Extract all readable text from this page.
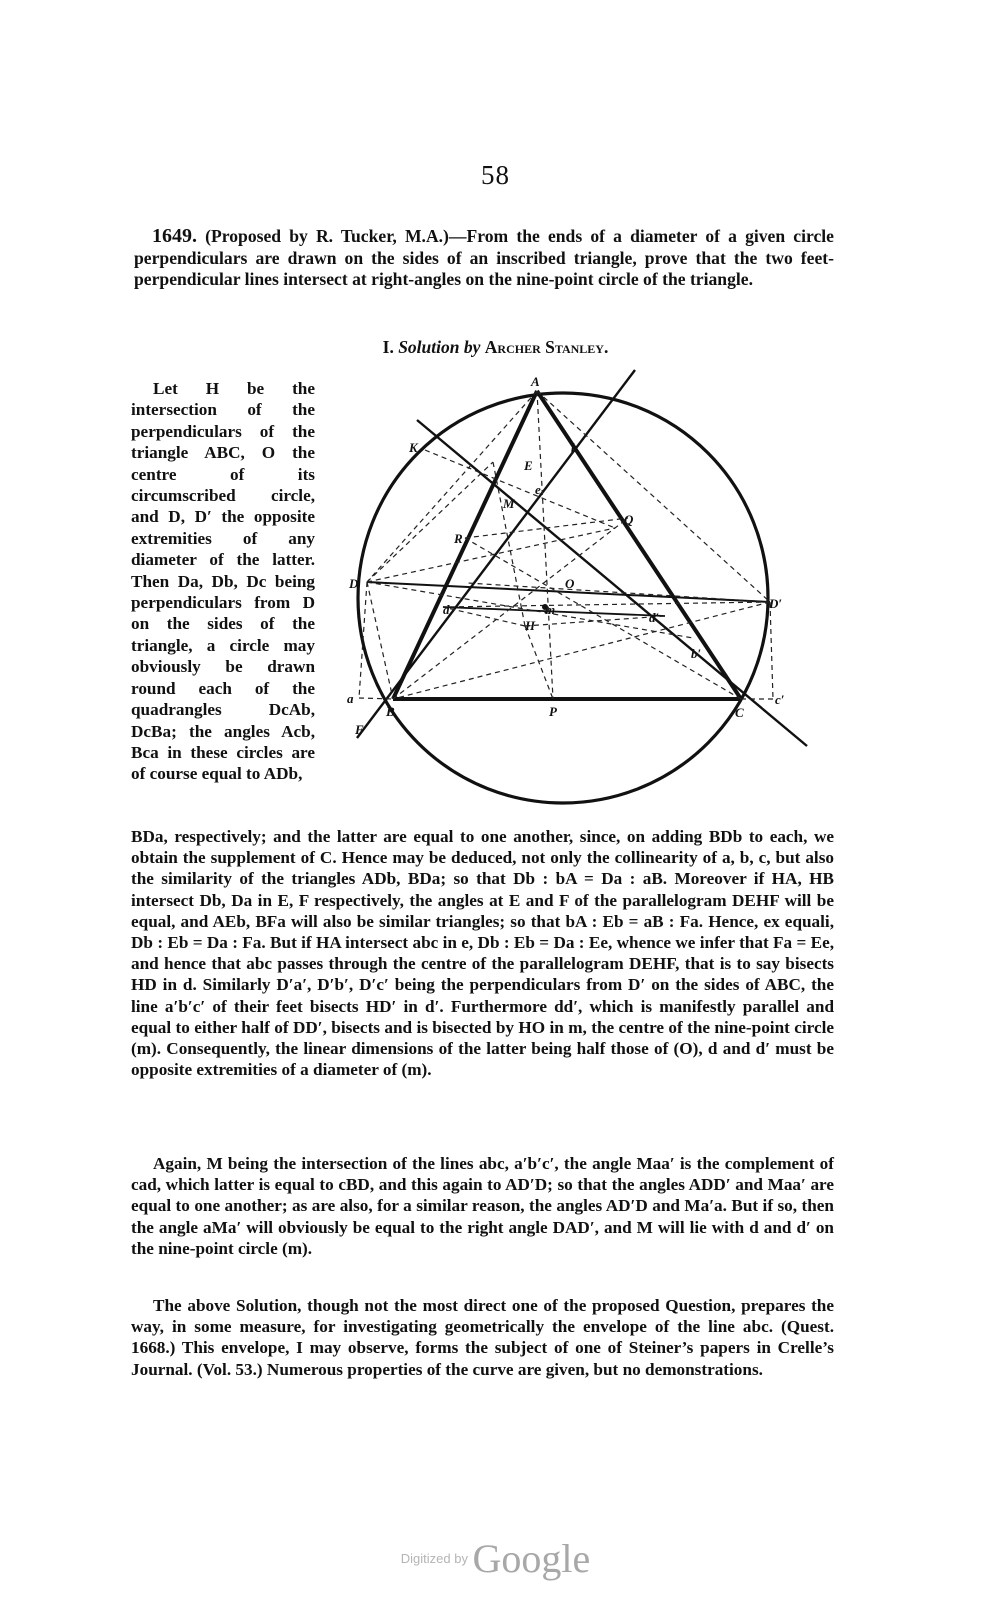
58
1649. (Proposed by R. Tucker, M.A.)—From the ends of a diameter of a given circle perpendiculars are drawn on the sides of an inscribed triangle, prove that the two feet-perpendicular lines intersect at right-angles on the nine-point circle of the triangle.
I. Solution by Archer Stanley.
Let H be the intersection of the perpendiculars of the triangle ABC, O the centre of its circumscribed circle, and D, D′ the opposite extremities of any diameter of the latter. Then Da, Db, Dc being perpendiculars from D on the sides of the triangle, a circle may obviously be drawn round each of the quadrangles DcAb, DcBa; the angles Acb, Bca in these circles are of course equal to ADb,
A
K	b
E
e
M
Q
R
O
D
D′
d
d′
m
H
b′
a
B	P	C
c′
F
BDa, respectively; and the latter are equal to one another, since, on adding BDb to each, we obtain the supplement of C. Hence may be deduced, not only the collinearity of a, b, c, but also the similarity of the triangles ADb, BDa; so that Db : bA = Da : aB. Moreover if HA, HB intersect Db, Da in E, F respectively, the angles at E and F of the parallelogram DEHF will be equal, and AEb, BFa will also be similar triangles; so that bA : Eb = aB : Fa. Hence, ex equali, Db : Eb = Da : Fa. But if HA intersect abc in e, Db : Eb = Da : Ee, whence we infer that Fa = Ee, and hence that abc passes through the centre of the parallelogram DEHF, that is to say bisects HD in d. Similarly D′a′, D′b′, D′c′ being the perpendiculars from D′ on the sides of ABC, the line a′b′c′ of their feet bisects HD′ in d′. Furthermore dd′, which is manifestly parallel and equal to either half of DD′, bisects and is bisected by HO in m, the centre of the nine-point circle (m). Consequently, the linear dimensions of the latter being half those of (O), d and d′ must be opposite extremities of a diameter of (m).
Again, M being the intersection of the lines abc, a′b′c′, the angle Maa′ is the complement of cad, which latter is equal to cBD, and this again to AD′D; so that the angles ADD′ and Maa′ are equal to one another; as are also, for a similar reason, the angles AD′D and Ma′a. But if so, then the angle aMa′ will obviously be equal to the right angle DAD′, and M will lie with d and d′ on the nine-point circle (m).
The above Solution, though not the most direct one of the proposed Question, prepares the way, in some measure, for investigating geometrically the envelope of the line abc. (Quest. 1668.) This envelope, I may observe, forms the subject of one of Steiner’s papers in Crelle’s Journal. (Vol. 53.) Numerous properties of the curve are given, but no demonstrations.
Digitized by Google
